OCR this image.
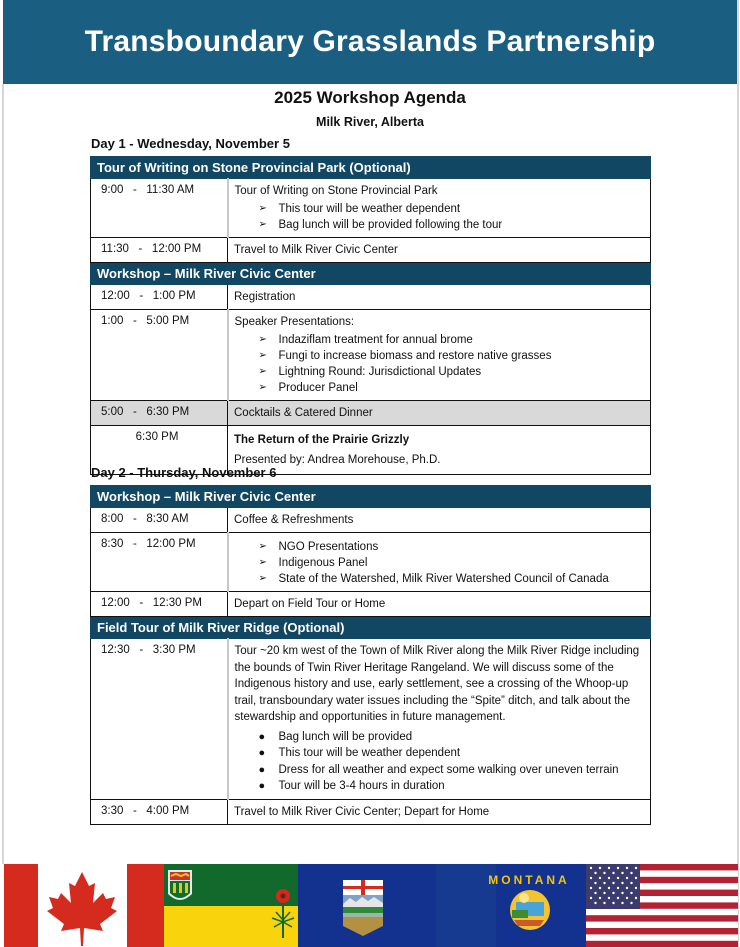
Transboundary Grasslands Partnership
2025 Workshop Agenda
Milk River, Alberta
Day 1 - Wednesday, November 5
Tour of Writing on Stone Provincial Park (Optional)	
9:00   -   11:30 AM	Tour of Writing on Stone Provincial Park
➢ This tour will be weather dependent
➢ Bag lunch will be provided following the tour

11:30   -   12:00 PM	Travel to Milk River Civic Center
Workshop – Milk River Civic Center	
12:00   -   1:00 PM	Registration
1:00   -   5:00 PM	Speaker Presentations:
➢ Indaziflam treatment for annual brome
➢ Fungi to increase biomass and restore native grasses
➢ Lightning Round: Jurisdictional Updates
➢ Producer Panel

5:00   -   6:30 PM	Cocktails & Catered Dinner
6:30 PM	The Return of the Prairie Grizzly
Presented by: Andrea Morehouse, Ph.D.
Day 2 - Thursday, November 6
Workshop – Milk River Civic Center	
8:00   -   8:30 AM	Coffee & Refreshments
8:30   -   12:00 PM	➢ NGO Presentations
➢ Indigenous Panel
➢ State of the Watershed, Milk River Watershed Council of Canada

12:00   -   12:30 PM	Depart on Field Tour or Home
Field Tour of Milk River Ridge (Optional)	
12:30   -   3:30 PM	Tour ~20 km west of the Town of Milk River along the Milk River Ridge including the bounds of Twin River Heritage Rangeland. We will discuss some of the Indigenous history and use, early settlement, see a crossing of the Whoop-up trail, transboundary water issues including the “Spite” ditch, and talk about the stewardship and opportunities in future management.
● Bag lunch will be provided
● This tour will be weather dependent
● Dress for all weather and expect some walking over uneven terrain
● Tour will be 3-4 hours in duration

3:30   -   4:00 PM	Travel to Milk River Civic Center; Depart for Home
MONTANA
